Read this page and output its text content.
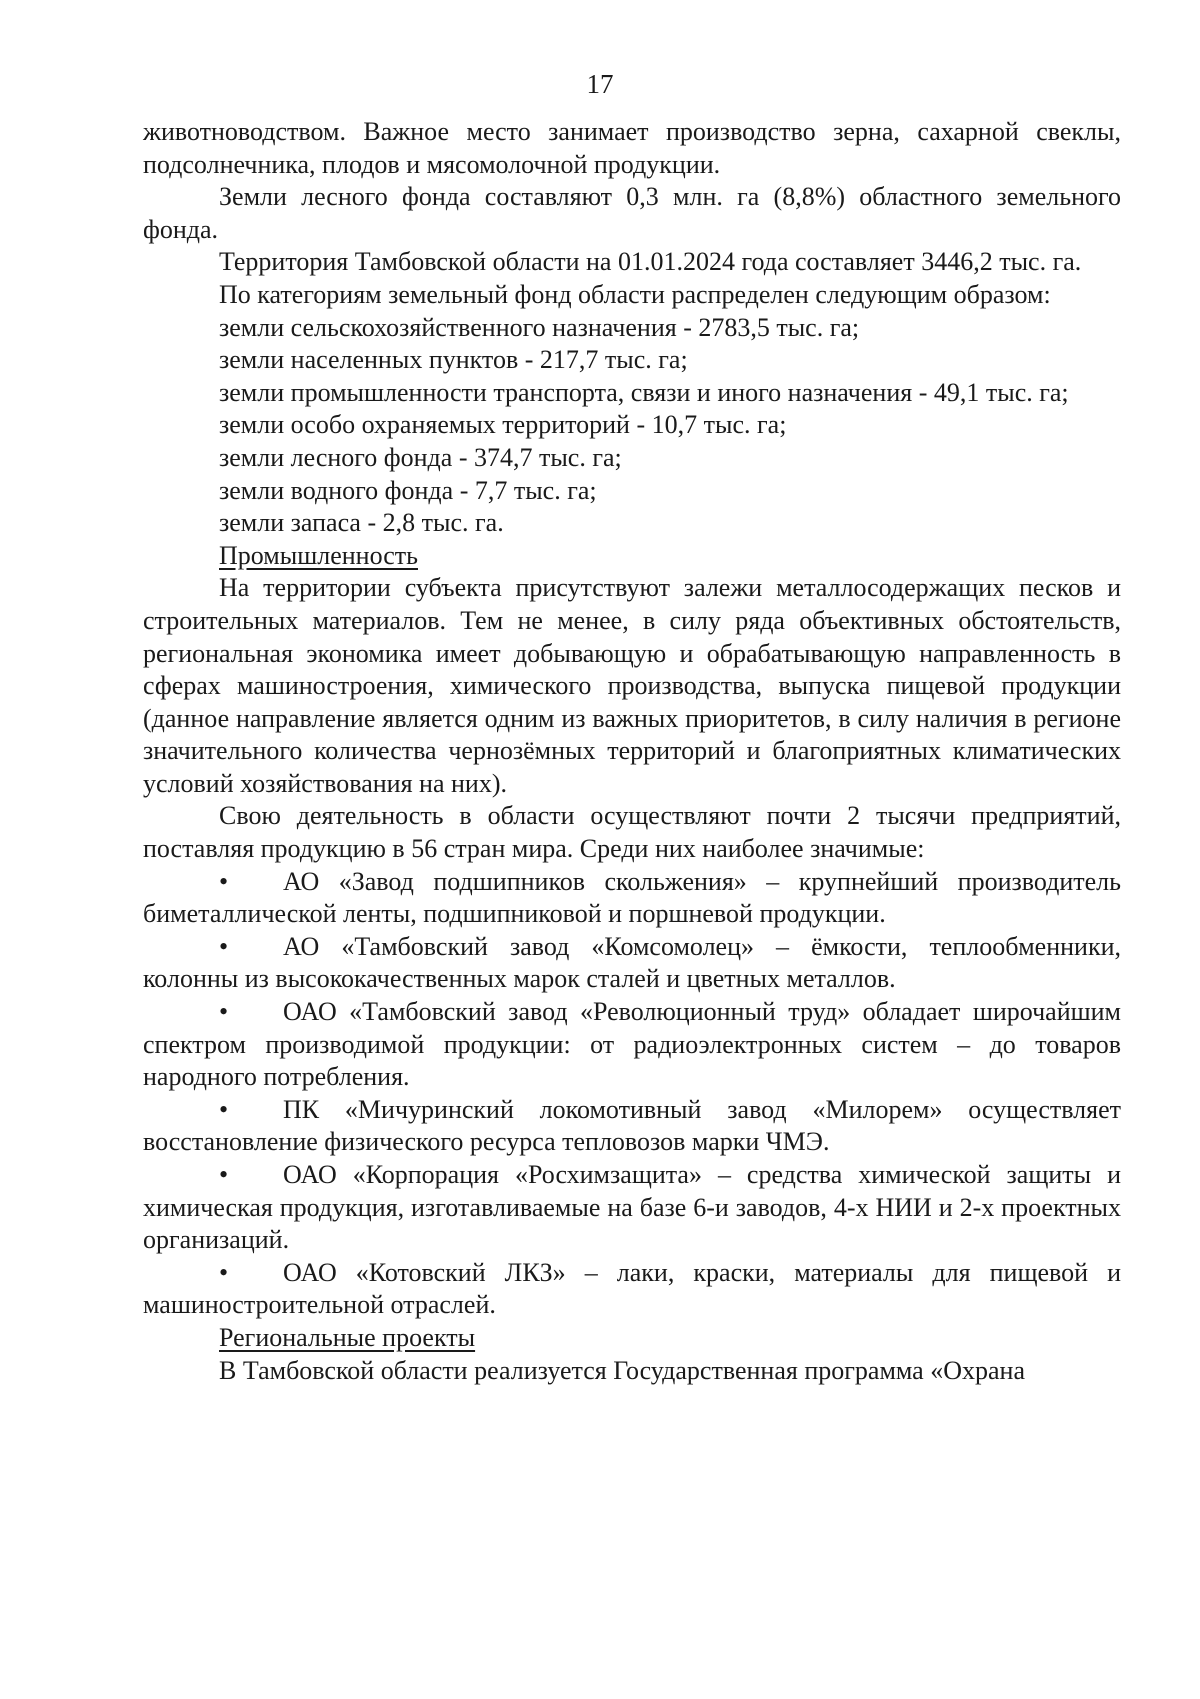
17

животноводством. Важное место занимает производство зерна, сахарной свеклы, подсолнечника, плодов и мясомолочной продукции.

Земли лесного фонда составляют 0,3 млн. га (8,8%) областного земельного фонда.

Территория Тамбовской области на 01.01.2024 года составляет 3446,2 тыс. га.

По категориям земельный фонд области распределен следующим образом:

земли сельскохозяйственного назначения - 2783,5 тыс. га;

земли населенных пунктов - 217,7 тыс. га;

земли промышленности транспорта, связи и иного назначения - 49,1 тыс. га;

земли особо охраняемых территорий - 10,7 тыс. га;

земли лесного фонда - 374,7 тыс. га;

земли водного фонда - 7,7 тыс. га;

земли запаса - 2,8 тыс. га.

Промышленность

На территории субъекта присутствуют залежи металлосодержащих песков и строительных материалов. Тем не менее, в силу ряда объективных обстоятельств, региональная экономика имеет добывающую и обрабатывающую направленность в сферах машиностроения, химического производства, выпуска пищевой продукции (данное направление является одним из важных приоритетов, в силу наличия в регионе значительного количества чернозёмных территорий и благоприятных климатических условий хозяйствования на них).

Свою деятельность в области осуществляют почти 2 тысячи предприятий, поставляя продукцию в 56 стран мира. Среди них наиболее значимые:

• АО «Завод подшипников скольжения» – крупнейший производитель биметаллической ленты, подшипниковой и поршневой продукции.

• АО «Тамбовский завод «Комсомолец» – ёмкости, теплообменники, колонны из высококачественных марок сталей и цветных металлов.

• ОАО «Тамбовский завод «Революционный труд» обладает широчайшим спектром производимой продукции: от радиоэлектронных систем – до товаров народного потребления.

• ПК «Мичуринский локомотивный завод «Милорем» осуществляет восстановление физического ресурса тепловозов марки ЧМЭ.

• ОАО «Корпорация «Росхимзащита» – средства химической защиты и химическая продукция, изготавливаемые на базе 6-и заводов, 4-х НИИ и 2-х проектных организаций.

• ОАО «Котовский ЛКЗ» – лаки, краски, материалы для пищевой и машиностроительной отраслей.

Региональные проекты

В Тамбовской области реализуется Государственная программа «Охрана
